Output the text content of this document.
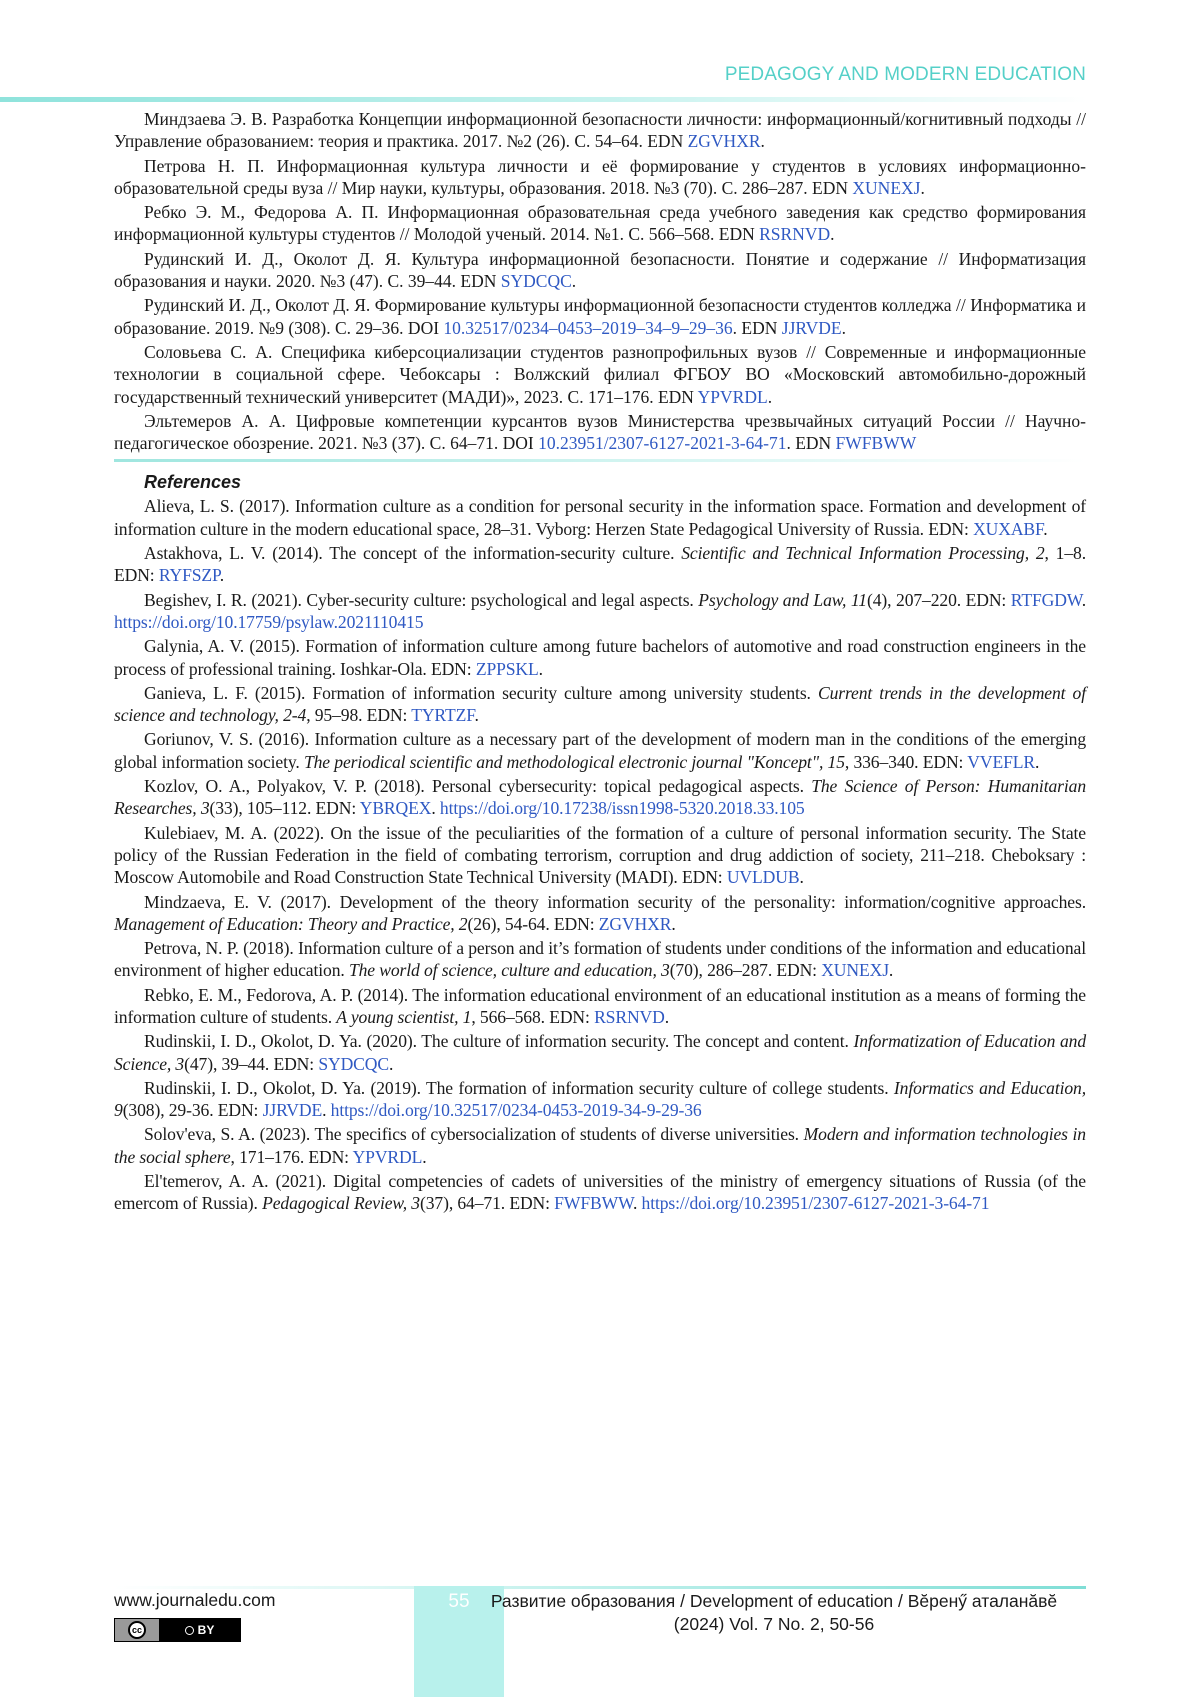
PEDAGOGY AND MODERN EDUCATION

Миндзаева Э. В. Разработка Концепции информационной безопасности личности: информационный/когнитивный подходы // Управление образованием: теория и практика. 2017. №2 (26). С. 54–64. EDN ZGVHXR.

Петрова Н. П. Информационная культура личности и её формирование у студентов в условиях информационно-образовательной среды вуза // Мир науки, культуры, образования. 2018. №3 (70). С. 286–287. EDN XUNEXJ.

Ребко Э. М., Федорова А. П. Информационная образовательная среда учебного заведения как средство формирования информационной культуры студентов // Молодой ученый. 2014. №1. С. 566–568. EDN RSRNVD.

Рудинский И. Д., Околот Д. Я. Культура информационной безопасности. Понятие и содержание // Информатизация образования и науки. 2020. №3 (47). С. 39–44. EDN SYDCQC.

Рудинский И. Д., Околот Д. Я. Формирование культуры информационной безопасности студентов колледжа // Информатика и образование. 2019. №9 (308). С. 29–36. DOI 10.32517/0234–0453–2019–34–9–29–36. EDN JJRVDE.

Соловьева С. А. Специфика киберсоциализации студентов разнопрофильных вузов // Современные и информационные технологии в социальной сфере. Чебоксары : Волжский филиал ФГБОУ ВО «Московский автомобильно-дорожный государственный технический университет (МАДИ)», 2023. С. 171–176. EDN YPVRDL.

Эльтемеров А. А. Цифровые компетенции курсантов вузов Министерства чрезвычайных ситуаций России // Научно-педагогическое обозрение. 2021. №3 (37). С. 64–71. DOI 10.23951/2307-6127-2021-3-64-71. EDN FWFBWW

References

Alieva, L. S. (2017). Information culture as a condition for personal security in the information space. Formation and development of information culture in the modern educational space, 28–31. Vyborg: Herzen State Pedagogical University of Russia. EDN: XUXABF.

Astakhova, L. V. (2014). The concept of the information-security culture. Scientific and Technical Information Processing, 2, 1–8. EDN: RYFSZP.

Begishev, I. R. (2021). Cyber-security culture: psychological and legal aspects. Psychology and Law, 11(4), 207–220. EDN: RTFGDW. https://doi.org/10.17759/psylaw.2021110415

Galynia, A. V. (2015). Formation of information culture among future bachelors of automotive and road construction engineers in the process of professional training. Ioshkar-Ola. EDN: ZPPSKL.

Ganieva, L. F. (2015). Formation of information security culture among university students. Current trends in the development of science and technology, 2-4, 95–98. EDN: TYRTZF.

Goriunov, V. S. (2016). Information culture as a necessary part of the development of modern man in the conditions of the emerging global information society. The periodical scientific and methodological electronic journal "Koncept", 15, 336–340. EDN: VVEFLR.

Kozlov, O. A., Polyakov, V. P. (2018). Personal cybersecurity: topical pedagogical aspects. The Science of Person: Humanitarian Researches, 3(33), 105–112. EDN: YBRQEX. https://doi.org/10.17238/issn1998-5320.2018.33.105

Kulebiaev, M. A. (2022). On the issue of the peculiarities of the formation of a culture of personal information security. The State policy of the Russian Federation in the field of combating terrorism, corruption and drug addiction of society, 211–218. Cheboksary : Moscow Automobile and Road Construction State Technical University (MADI). EDN: UVLDUB.

Mindzaeva, E. V. (2017). Development of the theory information security of the personality: information/cognitive approaches. Management of Education: Theory and Practice, 2(26), 54-64. EDN: ZGVHXR.

Petrova, N. P. (2018). Information culture of a person and it’s formation of students under conditions of the information and educational environment of higher education. The world of science, culture and education, 3(70), 286–287. EDN: XUNEXJ.

Rebko, E. M., Fedorova, A. P. (2014). The information educational environment of an educational institution as a means of forming the information culture of students. A young scientist, 1, 566–568. EDN: RSRNVD.

Rudinskii, I. D., Okolot, D. Ya. (2020). The culture of information security. The concept and content. Informatization of Education and Science, 3(47), 39–44. EDN: SYDCQC.

Rudinskii, I. D., Okolot, D. Ya. (2019). The formation of information security culture of college students. Informatics and Education, 9(308), 29-36. EDN: JJRVDE. https://doi.org/10.32517/0234-0453-2019-34-9-29-36

Solov'eva, S. A. (2023). The specifics of cybersocialization of students of diverse universities. Modern and information technologies in the social sphere, 171–176. EDN: YPVRDL.

El'temerov, A. A. (2021). Digital competencies of cadets of universities of the ministry of emergency situations of Russia (of the emercom of Russia). Pedagogical Review, 3(37), 64–71. EDN: FWFBWW. https://doi.org/10.23951/2307-6127-2021-3-64-71

55
www.journaledu.com
cc	BY
Развитие образования / Development of education / Вĕренӳ аталанăвĕ
(2024) Vol. 7 No. 2, 50-56
